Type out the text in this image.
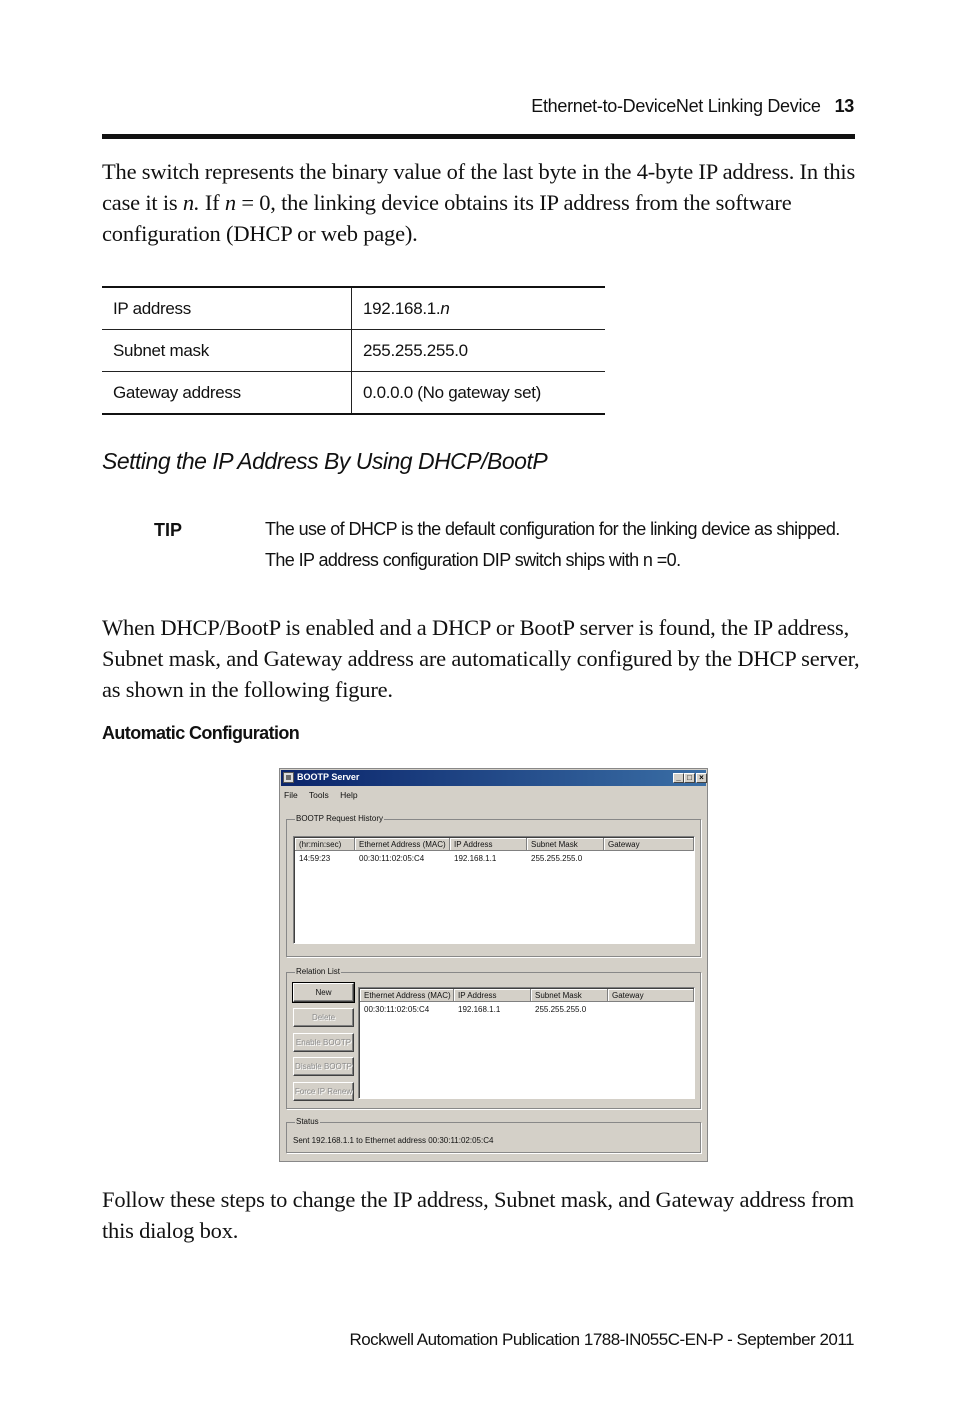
Ethernet-to-DeviceNet Linking Device 13
The switch represents the binary value of the last byte in the 4-byte IP address. In this case it is n. If n = 0, the linking device obtains its IP address from the software configuration (DHCP or web page).
IP address	192.168.1.n
Subnet mask	255.255.255.0
Gateway address	0.0.0.0 (No gateway set)
Setting the IP Address By Using DHCP/BootP
TIP	The use of DHCP is the default configuration for the linking device as shipped.
The IP address configuration DIP switch ships with n =0.
When DHCP/BootP is enabled and a DHCP or BootP server is found, the IP address, Subnet mask, and Gateway address are automatically configured by the DHCP server, as shown in the following figure.
Automatic Configuration
BOOTP Server	_ □ ×
File Tools Help
BOOTP Request History
(hr:min:sec)	Ethernet Address (MAC)	IP Address	Subnet Mask	Gateway
14:59:23	00:30:11:02:05:C4	192.168.1.1	255.255.255.0
Relation List
New
Delete
Enable BOOTP
Disable BOOTP
Force IP Renew
Ethernet Address (MAC) IP Address	Subnet Mask	Gateway
00:30:11:02:05:C4	192.168.1.1	255.255.255.0
Status
Sent 192.168.1.1 to Ethernet address 00:30:11:02:05:C4
Follow these steps to change the IP address, Subnet mask, and Gateway address from this dialog box.
Rockwell Automation Publication 1788-IN055C-EN-P - September 2011
